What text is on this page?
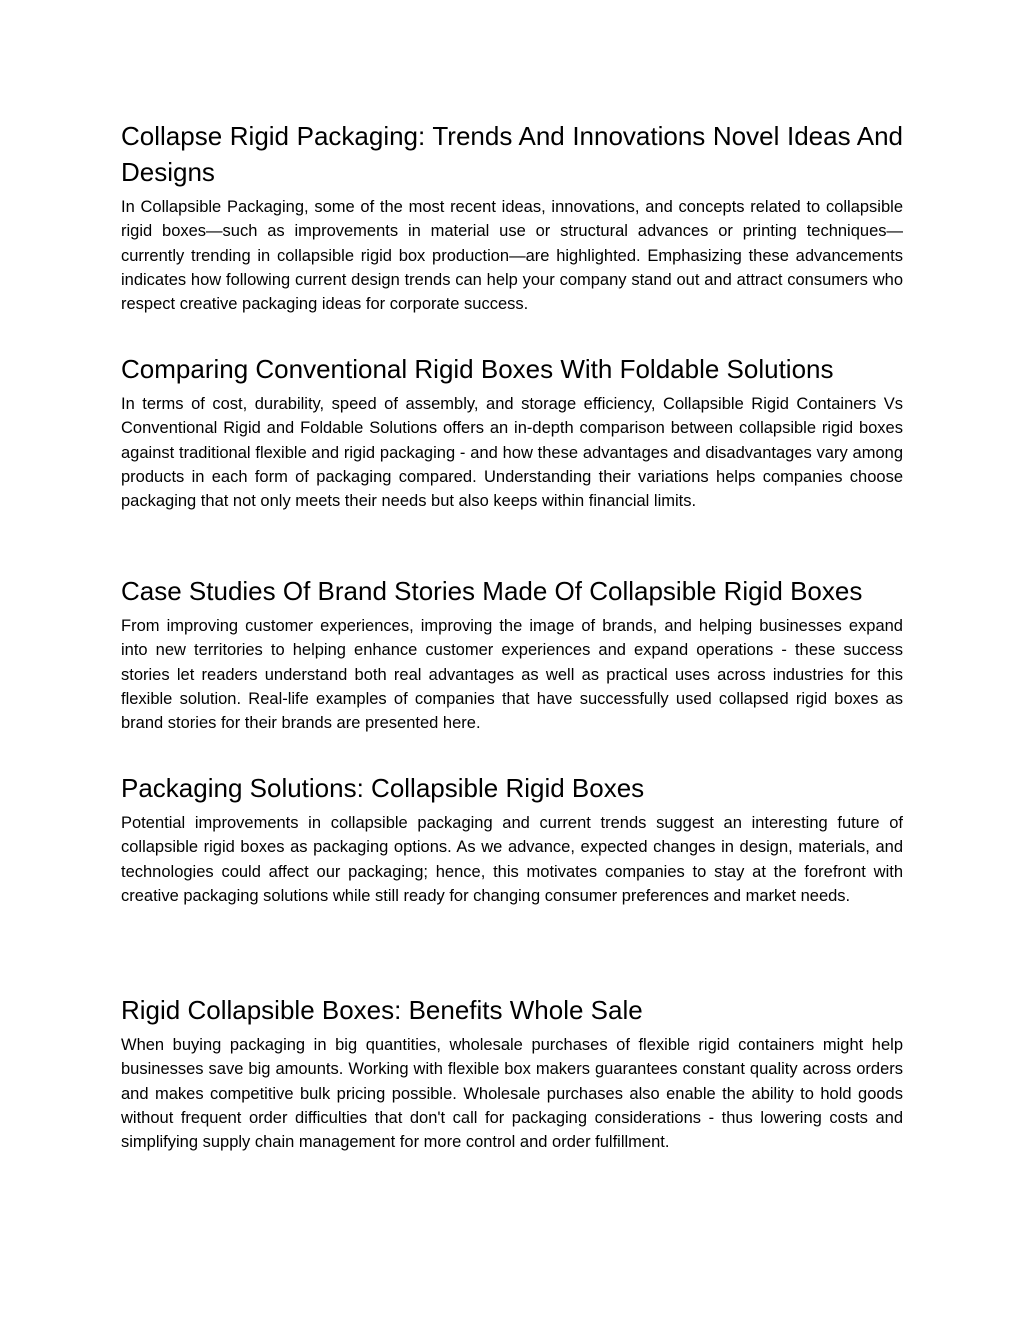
Collapse Rigid Packaging: Trends And Innovations Novel Ideas And Designs

In Collapsible Packaging, some of the most recent ideas, innovations, and concepts related to collapsible rigid boxes—such as improvements in material use or structural advances or printing techniques—currently trending in collapsible rigid box production—are highlighted. Emphasizing these advancements indicates how following current design trends can help your company stand out and attract consumers who respect creative packaging ideas for corporate success.

Comparing Conventional Rigid Boxes With Foldable Solutions

In terms of cost, durability, speed of assembly, and storage efficiency, Collapsible Rigid Containers Vs Conventional Rigid and Foldable Solutions offers an in-depth comparison between collapsible rigid boxes against traditional flexible and rigid packaging - and how these advantages and disadvantages vary among products in each form of packaging compared. Understanding their variations helps companies choose packaging that not only meets their needs but also keeps within financial limits.

Case Studies Of Brand Stories Made Of Collapsible Rigid Boxes

From improving customer experiences, improving the image of brands, and helping businesses expand into new territories to helping enhance customer experiences and expand operations - these success stories let readers understand both real advantages as well as practical uses across industries for this flexible solution. Real-life examples of companies that have successfully used collapsed rigid boxes as brand stories for their brands are presented here.

Packaging Solutions: Collapsible Rigid Boxes

Potential improvements in collapsible packaging and current trends suggest an interesting future of collapsible rigid boxes as packaging options. As we advance, expected changes in design, materials, and technologies could affect our packaging; hence, this motivates companies to stay at the forefront with creative packaging solutions while still ready for changing consumer preferences and market needs.

Rigid Collapsible Boxes: Benefits Whole Sale

When buying packaging in big quantities, wholesale purchases of flexible rigid containers might help businesses save big amounts. Working with flexible box makers guarantees constant quality across orders and makes competitive bulk pricing possible. Wholesale purchases also enable the ability to hold goods without frequent order difficulties that don't call for packaging considerations - thus lowering costs and simplifying supply chain management for more control and order fulfillment.
